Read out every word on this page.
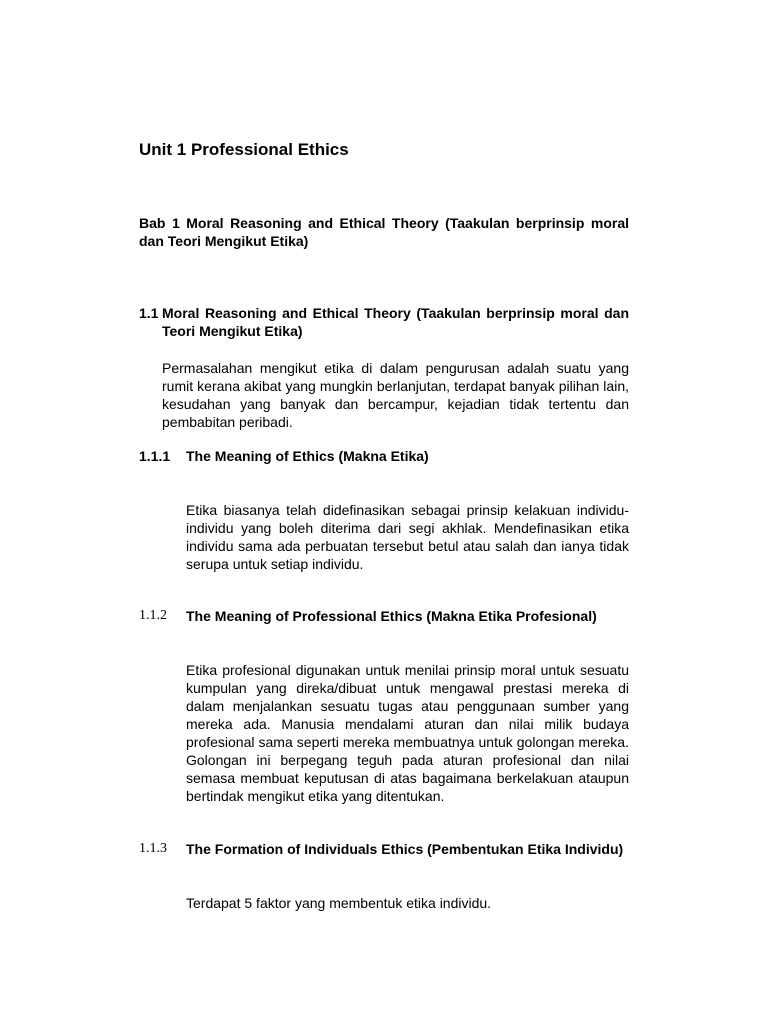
Unit 1 Professional Ethics

Bab 1 Moral Reasoning and Ethical Theory (Taakulan berprinsip moral dan Teori Mengikut Etika)

1.1 Moral Reasoning and Ethical Theory (Taakulan berprinsip moral dan Teori Mengikut Etika)

Permasalahan mengikut etika di dalam pengurusan adalah suatu yang rumit kerana akibat yang mungkin berlanjutan, terdapat banyak pilihan lain, kesudahan yang banyak dan bercampur, kejadian tidak tertentu dan pembabitan peribadi.

1.1.1	The Meaning of Ethics (Makna Etika)

Etika biasanya telah didefinasikan sebagai prinsip kelakuan individu-individu yang boleh diterima dari segi akhlak. Mendefinasikan etika individu sama ada perbuatan tersebut betul atau salah dan ianya tidak serupa untuk setiap individu.

1.1.2	The Meaning of Professional Ethics (Makna Etika Profesional)

Etika profesional digunakan untuk menilai prinsip moral untuk sesuatu kumpulan yang direka/dibuat untuk mengawal prestasi mereka di dalam menjalankan sesuatu tugas atau penggunaan sumber yang mereka ada. Manusia mendalami aturan dan nilai milik budaya profesional sama seperti mereka membuatnya untuk golongan mereka. Golongan ini berpegang teguh pada aturan profesional dan nilai semasa membuat keputusan di atas bagaimana berkelakuan ataupun bertindak mengikut etika yang ditentukan.

1.1.3	The Formation of Individuals Ethics (Pembentukan Etika Individu)

Terdapat 5 faktor yang membentuk etika individu.
